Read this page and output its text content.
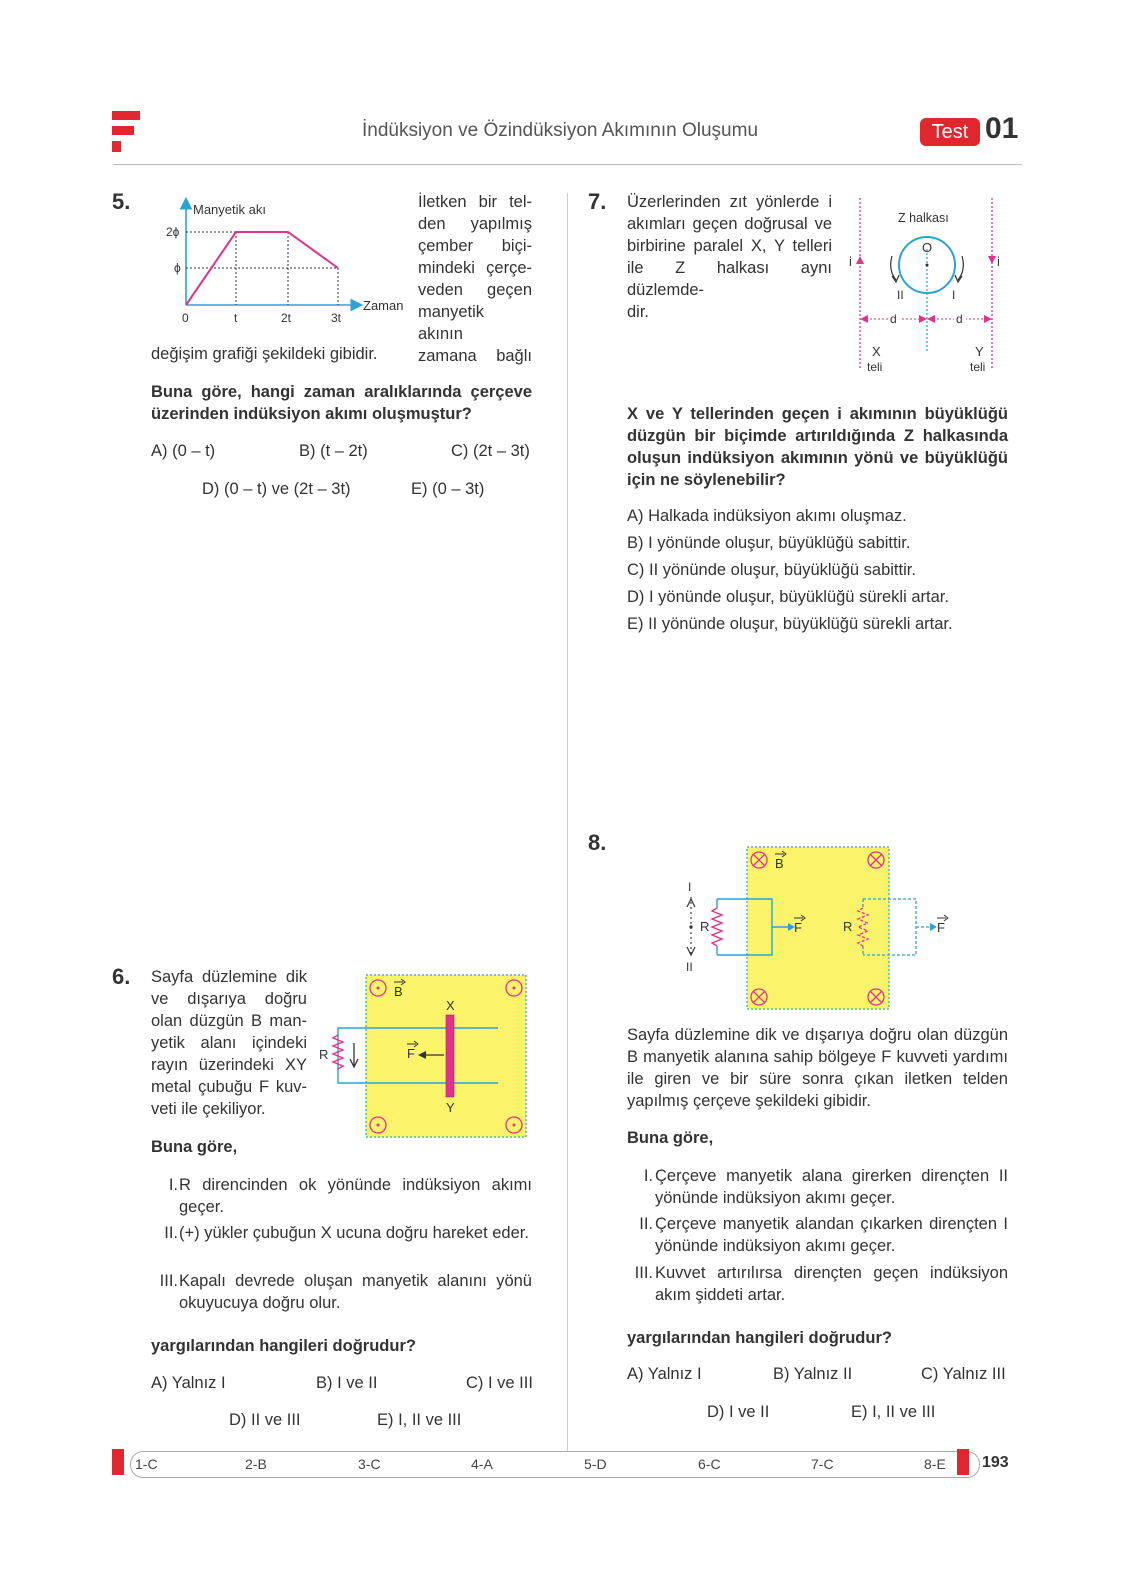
İndüksiyon ve Özindüksiyon Akımının Oluşumu	Test 01
5.	Manyetik akı
Zaman
2ϕ
ϕ
0	t	2t	3t
İletken bir tel-
den yapılmış
çember biçi-
mindeki çerçe-
veden geçen
manyetik akının
zamana bağlı
değişim grafiği şekildeki gibidir.
Buna göre, hangi zaman aralıklarında çerçeve üzerinden indüksiyon akımı oluşmuştur?
A) (0 – t)	B) (t – 2t)	C) (2t – 3t)
D) (0 – t) ve (2t – 3t)	E) (0 – 3t)
6. Sayfa düzlemine dik
ve dışarıya doğru
olan düzgün B man-
yetik alanı içindeki
rayın üzerindeki XY
metal çubuğu F kuv-
veti ile çekiliyor.
B
X
Y
R	F
Buna göre,
I. R direncinden ok yönünde indüksiyon akımı geçer.
II. (+) yükler çubuğun X ucuna doğru hareket eder.
III. Kapalı devrede oluşan manyetik alanını yönü okuyucuya doğru olur.
yargılarından hangileri doğrudur?
A) Yalnız I	B) I ve II	C) I ve III
D) II ve III	E) I, II ve III
7. Üzerlerinden zıt yönlerde i
akımları geçen doğrusal ve
birbirine paralel X, Y telleri
ile Z halkası aynı düzlemde-
dir.
Z halkası
O
i	i
II	I
d	d
X
teli
Y
teli
X ve Y tellerinden geçen i akımının büyüklüğü düzgün bir biçimde artırıldığında Z halkasında oluşun indüksiyon akımının yönü ve büyüklüğü için ne söylenebilir?
A) Halkada indüksiyon akımı oluşmaz.
B) I yönünde oluşur, büyüklüğü sabittir.
C) II yönünde oluşur, büyüklüğü sabittir.
D) I yönünde oluşur, büyüklüğü sürekli artar.
E) II yönünde oluşur, büyüklüğü sürekli artar.
8.
B
F
R	F
R
I
II
Sayfa düzlemine dik ve dışarıya doğru olan düzgün B manyetik alanına sahip bölgeye F kuvveti yardımı ile giren ve bir süre sonra çıkan iletken telden yapılmış çerçeve şekildeki gibidir.
Buna göre,
I. Çerçeve manyetik alana girerken dirençten II yönünde indüksiyon akımı geçer.
II. Çerçeve manyetik alandan çıkarken dirençten I yönünde indüksiyon akımı geçer.
III. Kuvvet artırılırsa dirençten geçen indüksiyon akım şiddeti artar.
yargılarından hangileri doğrudur?
A) Yalnız I	B) Yalnız II	C) Yalnız III
D) I ve II	E) I, II ve III
1-C	2-B	3-C	4-A	5-D	6-C	7-C	8-E 193
